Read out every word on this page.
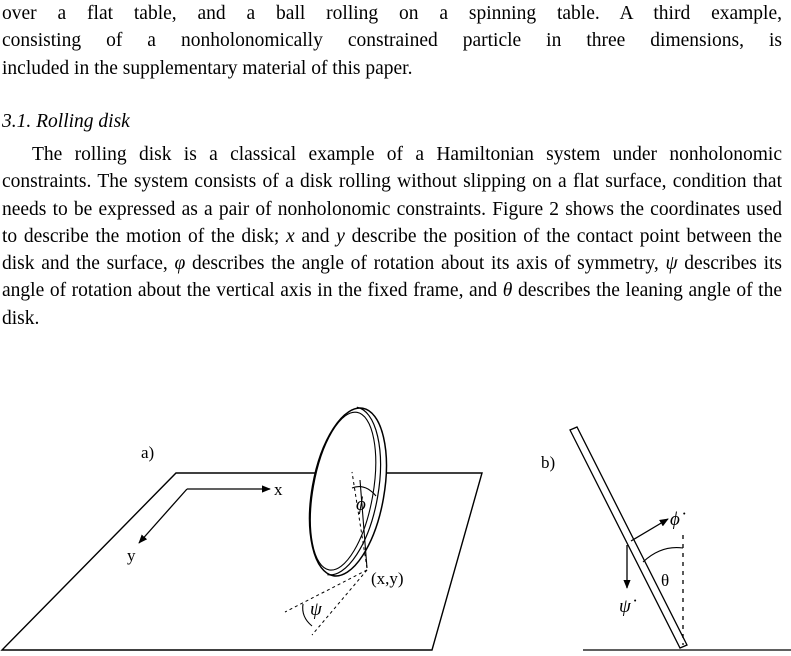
over a flat table, and a ball rolling on a spinning table. A third example,
consisting of a nonholonomically constrained particle in three dimensions, is
included in the supplementary material of this paper.
3.1. Rolling disk

The rolling disk is a classical example of a Hamiltonian system under nonholonomic constraints. The system consists of a disk rolling without slipping on a flat surface, condition that needs to be expressed as a pair of nonholonomic constraints. Figure 2 shows the coordinates used to describe the motion of the disk; x and y describe the position of the contact point between the disk and the surface, φ describes the angle of rotation about its axis of symmetry, ψ describes its angle of rotation about the vertical axis in the fixed frame, and θ describes the leaning angle of the disk.

a)
x
y
ϕ
(x,y)
ψ
b)
θ
ϕ̇
ψ̇
